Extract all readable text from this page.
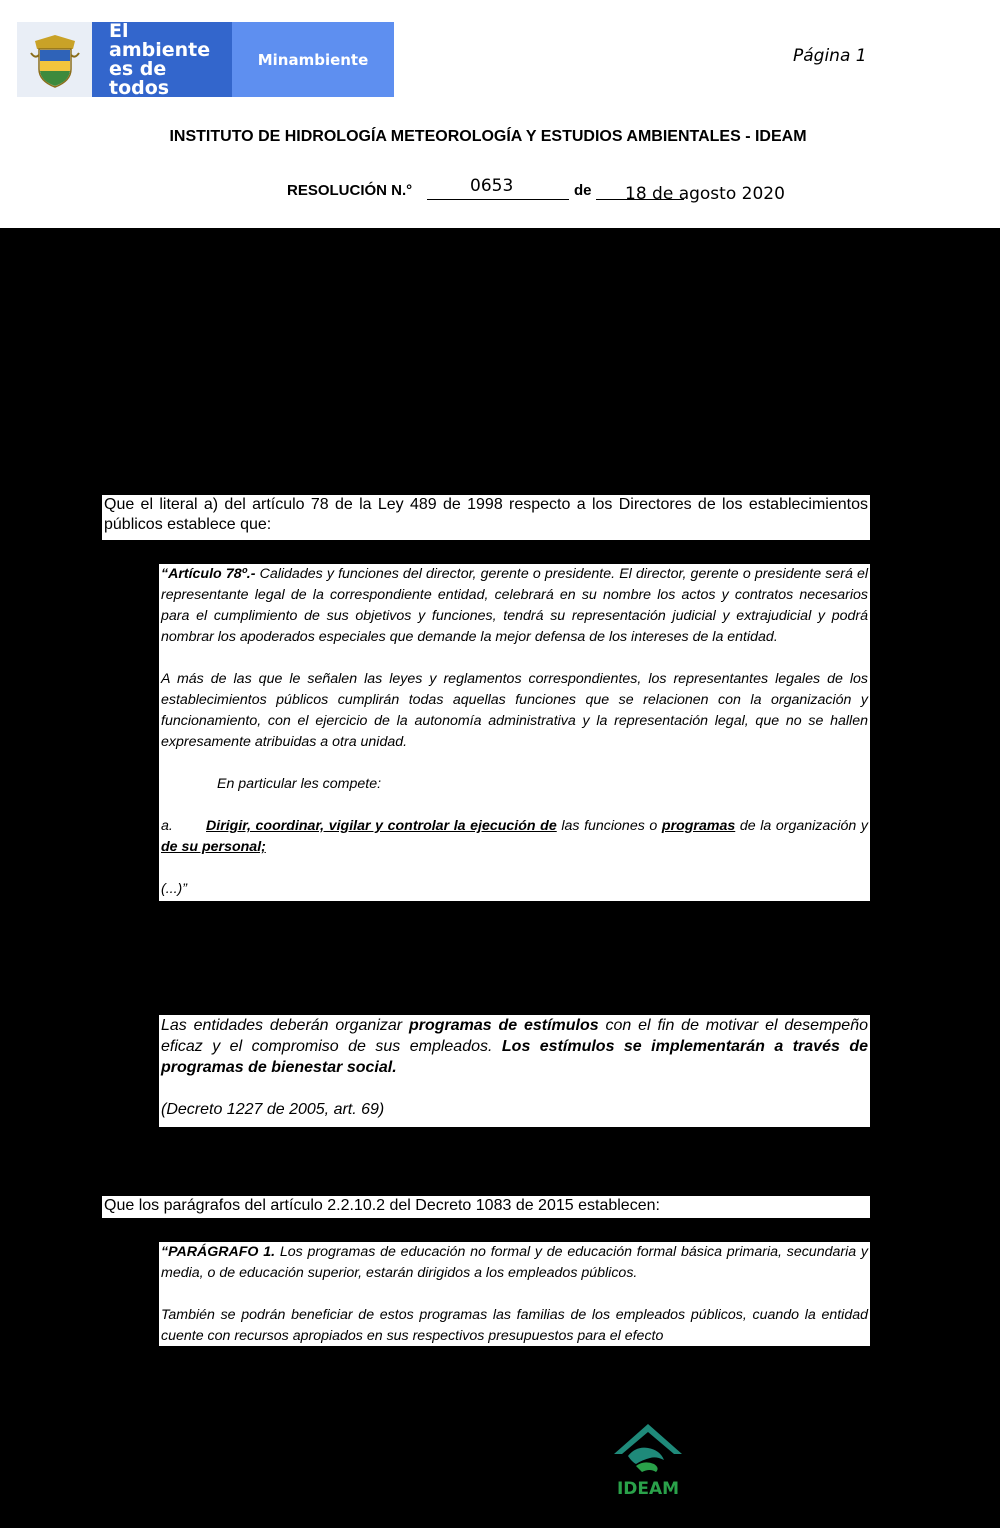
El ambiente
es de todos
Minambiente	Página 1
INSTITUTO DE HIDROLOGÍA METEOROLOGÍA Y ESTUDIOS AMBIENTALES - IDEAM
RESOLUCIÓN N.°	0653	de 18 de agosto 2020
Que el literal a) del artículo 78 de la Ley 489 de 1998 respecto a los Directores de los establecimientos públicos establece que:

“Artículo 78º.- Calidades y funciones del director, gerente o presidente. El director, gerente o presidente será el representante legal de la correspondiente entidad, celebrará en su nombre los actos y contratos necesarios para el cumplimiento de sus objetivos y funciones, tendrá su representación judicial y extrajudicial y podrá nombrar los apoderados especiales que demande la mejor defensa de los intereses de la entidad.

A más de las que le señalen las leyes y reglamentos correspondientes, los representantes legales de los establecimientos públicos cumplirán todas aquellas funciones que se relacionen con la organización y funcionamiento, con el ejercicio de la autonomía administrativa y la representación legal, que no se hallen expresamente atribuidas a otra unidad.

En particular les compete:

a. Dirigir, coordinar, vigilar y controlar la ejecución de las funciones o programas de la organización y de su personal;

(...)”

Las entidades deberán organizar programas de estímulos con el fin de motivar el desempeño eficaz y el compromiso de sus empleados. Los estímulos se implementarán a través de programas de bienestar social.

(Decreto 1227 de 2005, art. 69)

Que los parágrafos del artículo 2.2.10.2 del Decreto 1083 de 2015 establecen:

“PARÁGRAFO 1. Los programas de educación no formal y de educación formal básica primaria, secundaria y media, o de educación superior, estarán dirigidos a los empleados públicos.

También se podrán beneficiar de estos programas las familias de los empleados públicos, cuando la entidad cuente con recursos apropiados en sus respectivos presupuestos para el efecto

IDEAM
